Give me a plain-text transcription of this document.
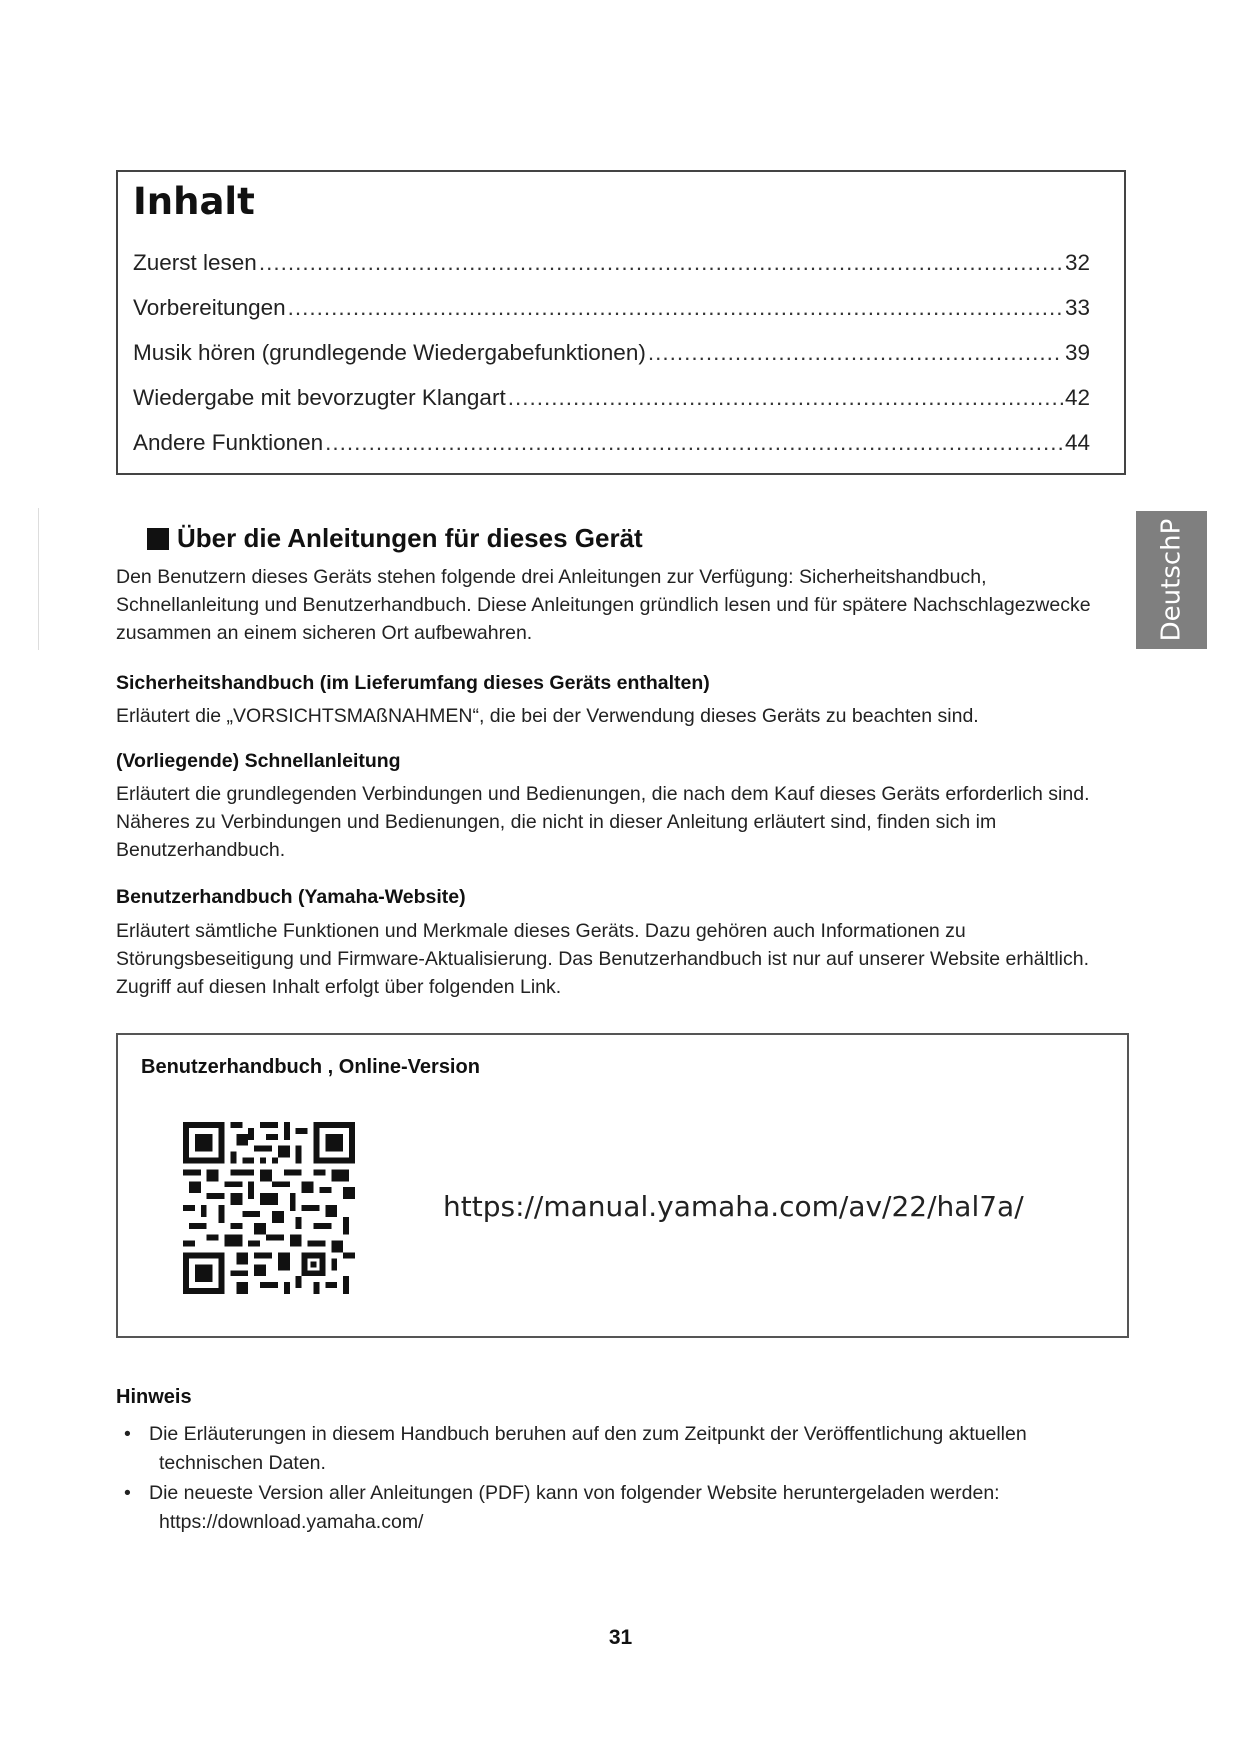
Inhalt
Zuerst lesen .....	32
Vorbereitungen .....	33
Musik hören (grundlegende Wiedergabefunktionen) .....	39
Wiedergabe mit bevorzugter Klangart .....	42
Andere Funktionen .....	44
DeutschP
Über die Anleitungen für dieses Gerät

Den Benutzern dieses Geräts stehen folgende drei Anleitungen zur Verfügung: Sicherheitshandbuch, Schnellanleitung und Benutzerhandbuch. Diese Anleitungen gründlich lesen und für spätere Nachschlagezwecke zusammen an einem sicheren Ort aufbewahren.

Sicherheitshandbuch (im Lieferumfang dieses Geräts enthalten)

Erläutert die „VORSICHTSMAßNAHMEN“, die bei der Verwendung dieses Geräts zu beachten sind.

(Vorliegende) Schnellanleitung

Erläutert die grundlegenden Verbindungen und Bedienungen, die nach dem Kauf dieses Geräts erforderlich sind. Näheres zu Verbindungen und Bedienungen, die nicht in dieser Anleitung erläutert sind, finden sich im Benutzerhandbuch.

Benutzerhandbuch (Yamaha-Website)

Erläutert sämtliche Funktionen und Merkmale dieses Geräts. Dazu gehören auch Informationen zu Störungsbeseitigung und Firmware-Aktualisierung. Das Benutzerhandbuch ist nur auf unserer Website erhältlich. Zugriff auf diesen Inhalt erfolgt über folgenden Link.

Benutzerhandbuch , Online-Version
https://manual.yamaha.com/av/22/hal7a/
Hinweis
• Die Erläuterungen in diesem Handbuch beruhen auf den zum Zeitpunkt der Veröffentlichung aktuellen
technischen Daten.
• Die neueste Version aller Anleitungen (PDF) kann von folgender Website heruntergeladen werden:
https://download.yamaha.com/
31
